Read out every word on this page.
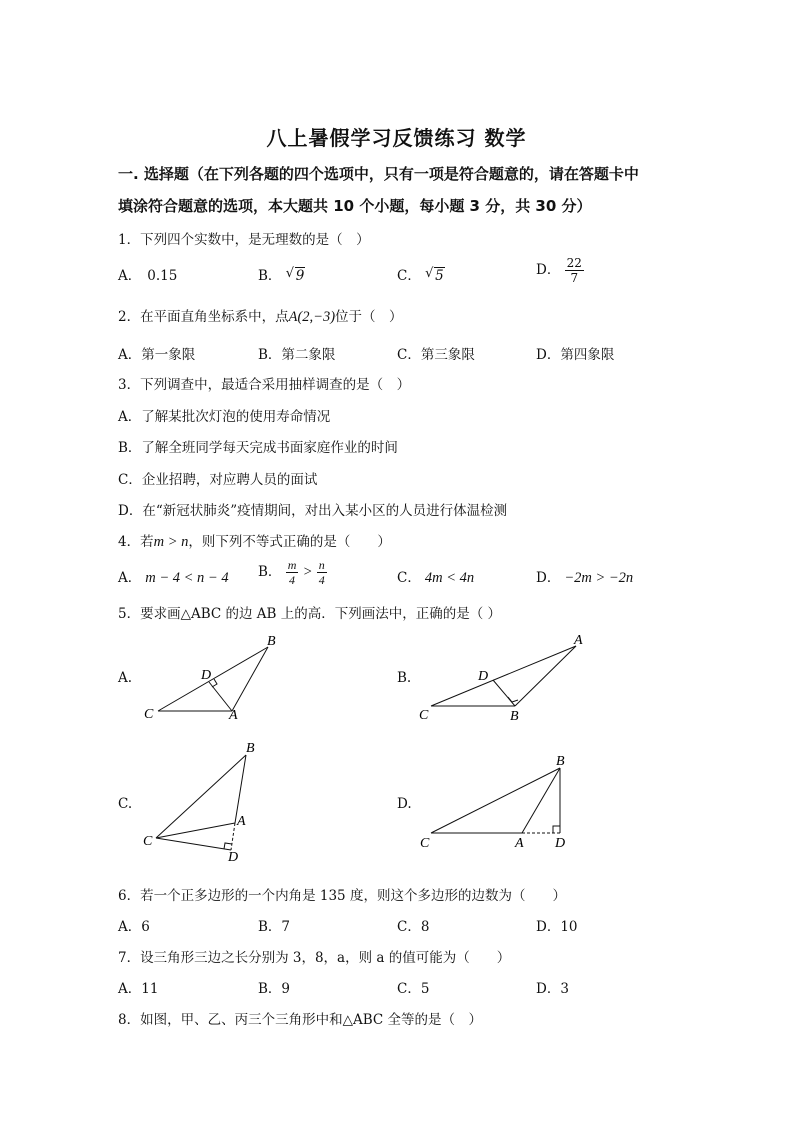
八上暑假学习反馈练习 数学
一. 选择题（在下列各题的四个选项中，只有一项是符合题意的，请在答题卡中
填涂符合题意的选项，本大题共 10 个小题，每小题 3 分，共 30 分）
1．下列四个实数中，是无理数的是（　）
A． 0.15	B． √ 9	C． √ 5	D． $\frac{22}{7}$
2．在平面直角坐标系中，点A(2,−3)位于（　）
A．第一象限	B．第二象限	C．第三象限	D．第四象限
3．下列调查中，最适合采用抽样调查的是（　）
A．了解某批次灯泡的使用寿命情况
B．了解全班同学每天完成书面家庭作业的时间
C．企业招聘，对应聘人员的面试
D．在“新冠状肺炎”疫情期间，对出入某小区的人员进行体温检测
4．若m > n，则下列不等式正确的是（　　）
A． m − 4 < n − 4 B． $\frac{m}{4} > \frac{n}{4}$	C． 4m < 4n	D． −2m > −2n
5．要求画△ABC 的边 AB 上的高．下列画法中，正确的是（ ）
A.	B.
C.	D.
C	A
B
D
C	B
A
D
B
A
C
D
B
C	A D
6．若一个正多边形的一个内角是 135 度，则这个多边形的边数为（　　）
A．6	B．7	C．8	D．10
7．设三角形三边之长分别为 3，8，a，则 a 的值可能为（　　）
A．11	B．9	C．5	D．3
8．如图，甲、乙、丙三个三角形中和△ABC 全等的是（　）
